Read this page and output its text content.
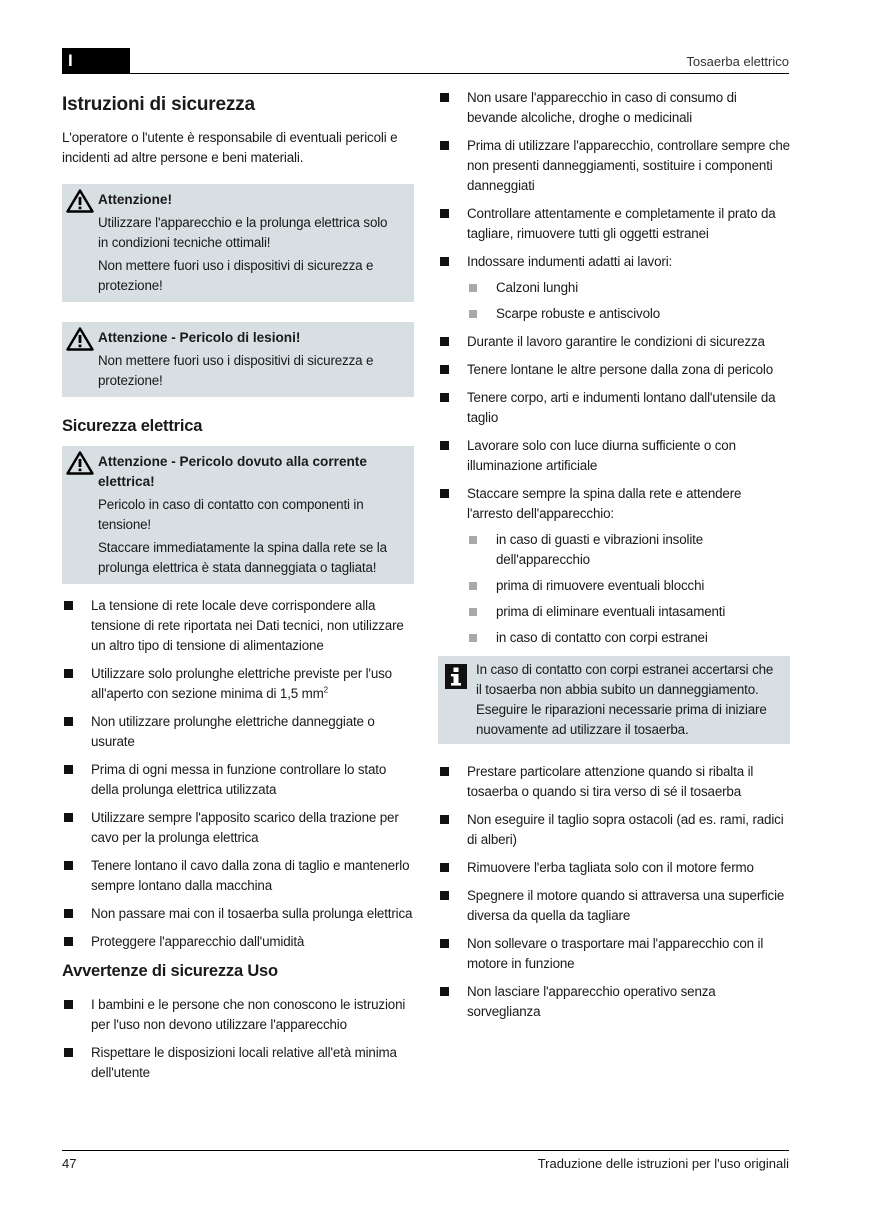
I	Tosaerba elettrico
Istruzioni di sicurezza

L'operatore o l'utente è responsabile di eventuali pericoli e incidenti ad altre persone e beni materiali.

Attenzione!
Utilizzare l'apparecchio e la prolunga elettrica solo in condizioni tecniche ottimali!
Non mettere fuori uso i dispositivi di sicurezza e protezione!
Attenzione - Pericolo di lesioni!
Non mettere fuori uso i dispositivi di sicurezza e protezione!
Sicurezza elettrica
Attenzione - Pericolo dovuto alla corrente elettrica!
Pericolo in caso di contatto con componenti in tensione!
Staccare immediatamente la spina dalla rete se la prolunga elettrica è stata danneggiata o tagliata!
La tensione di rete locale deve corrispondere alla tensione di rete riportata nei Dati tecnici, non utilizzare un altro tipo di tensione di alimentazione
Utilizzare solo prolunghe elettriche previste per l'uso all'aperto con sezione minima di 1,5 $mm^2$
Non utilizzare prolunghe elettriche danneggiate o usurate
Prima di ogni messa in funzione controllare lo stato della prolunga elettrica utilizzata
Utilizzare sempre l'apposito scarico della trazione per cavo per la prolunga elettrica
Tenere lontano il cavo dalla zona di taglio e mantenerlo sempre lontano dalla macchina
Non passare mai con il tosaerba sulla prolunga elettrica
Proteggere l'apparecchio dall'umidità
Avvertenze di sicurezza Uso
I bambini e le persone che non conoscono le istruzioni per l'uso non devono utilizzare l'apparecchio
Rispettare le disposizioni locali relative all'età minima dell'utente
Non usare l'apparecchio in caso di consumo di bevande alcoliche, droghe o medicinali
Prima di utilizzare l'apparecchio, controllare sempre che non presenti danneggiamenti, sostituire i componenti danneggiati
Controllare attentamente e completamente il prato da tagliare, rimuovere tutti gli oggetti estranei
Indossare indumenti adatti ai lavori:
Calzoni lunghi
Scarpe robuste e antiscivolo
Durante il lavoro garantire le condizioni di sicurezza
Tenere lontane le altre persone dalla zona di pericolo
Tenere corpo, arti e indumenti lontano dall'utensile da taglio
Lavorare solo con luce diurna sufficiente o con illuminazione artificiale
Staccare sempre la spina dalla rete e attendere l'arresto dell'apparecchio:
in caso di guasti e vibrazioni insolite dell'apparecchio
prima di rimuovere eventuali blocchi
prima di eliminare eventuali intasamenti
in caso di contatto con corpi estranei
In caso di contatto con corpi estranei accertarsi che il tosaerba non abbia subito un danneggiamento. Eseguire le riparazioni necessarie prima di iniziare nuovamente ad utilizzare il tosaerba.
Prestare particolare attenzione quando si ribalta il tosaerba o quando si tira verso di sé il tosaerba
Non eseguire il taglio sopra ostacoli (ad es. rami, radici di alberi)
Rimuovere l'erba tagliata solo con il motore fermo
Spegnere il motore quando si attraversa una superficie diversa da quella da tagliare
Non sollevare o trasportare mai l'apparecchio con il motore in funzione
Non lasciare l'apparecchio operativo senza sorveglianza
47	Traduzione delle istruzioni per l'uso originali
